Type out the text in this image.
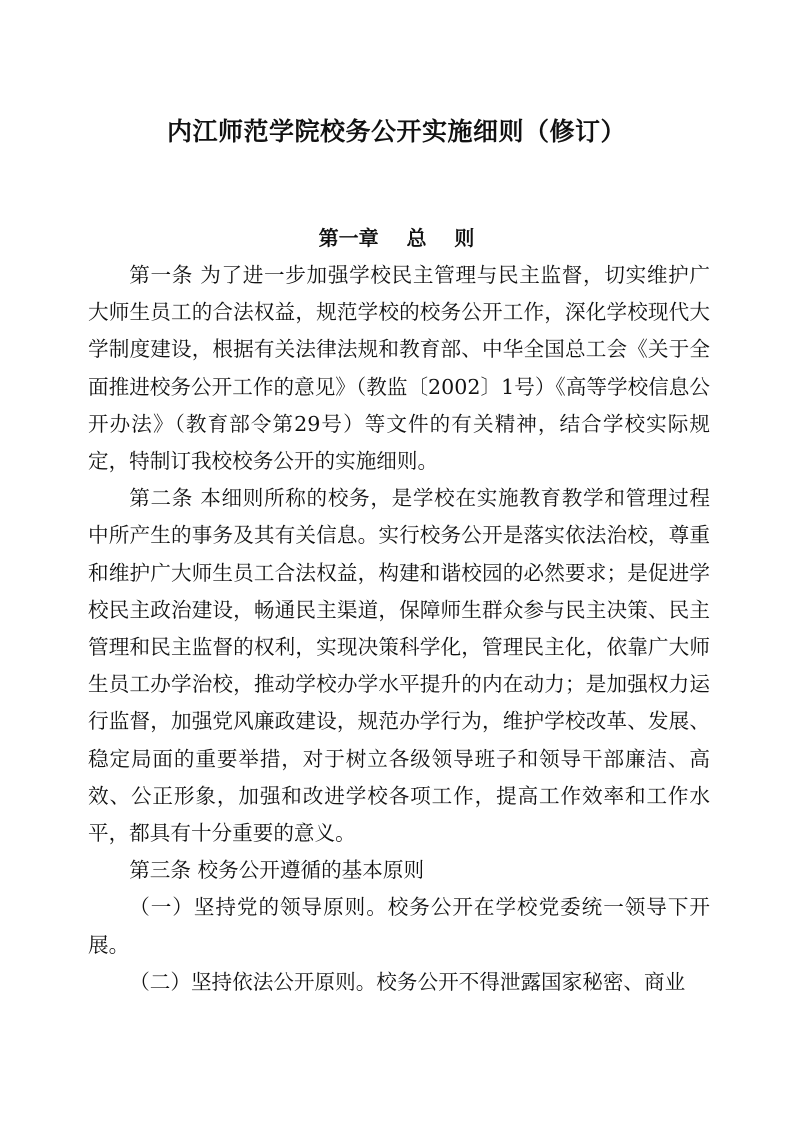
内江师范学院校务公开实施细则（修订）
第一章    总    则

第一条 为了进一步加强学校民主管理与民主监督，切实维护广大师生员工的合法权益，规范学校的校务公开工作，深化学校现代大学制度建设，根据有关法律法规和教育部、中华全国总工会《关于全面推进校务公开工作的意见》（教监〔2002〕1号）《高等学校信息公开办法》（教育部令第29号）等文件的有关精神，结合学校实际规定，特制订我校校务公开的实施细则。

第二条 本细则所称的校务，是学校在实施教育教学和管理过程中所产生的事务及其有关信息。实行校务公开是落实依法治校，尊重和维护广大师生员工合法权益，构建和谐校园的必然要求；是促进学校民主政治建设，畅通民主渠道，保障师生群众参与民主决策、民主管理和民主监督的权利，实现决策科学化，管理民主化，依靠广大师生员工办学治校，推动学校办学水平提升的内在动力；是加强权力运行监督，加强党风廉政建设，规范办学行为，维护学校改革、发展、稳定局面的重要举措，对于树立各级领导班子和领导干部廉洁、高效、公正形象，加强和改进学校各项工作，提高工作效率和工作水平，都具有十分重要的意义。

第三条 校务公开遵循的基本原则

（一）坚持党的领导原则。校务公开在学校党委统一领导下开展。

（二）坚持依法公开原则。校务公开不得泄露国家秘密、商业
